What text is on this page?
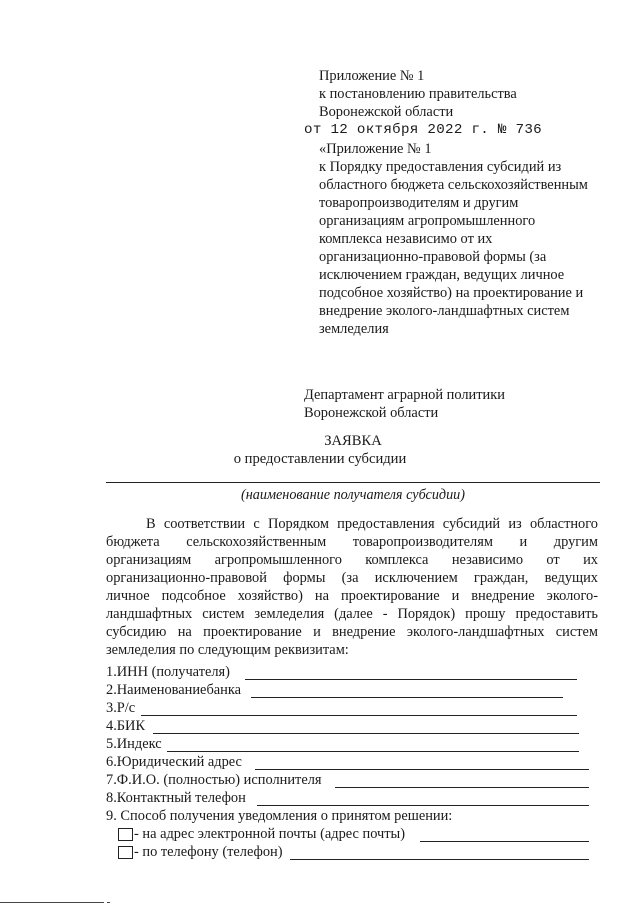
Приложение № 1
к постановлению правительства
Воронежской области
от 12 октября 2022 г. № 736
«Приложение № 1
к Порядку предоставления субсидий из
областного бюджета сельскохозяйственным
товаропроизводителям и другим
организациям агропромышленного
комплекса независимо от их
организационно-правовой формы (за
исключением граждан, ведущих личное
подсобное хозяйство) на проектирование и
внедрение эколого-ландшафтных систем
земледелия
Департамент аграрной политики
Воронежской области
ЗАЯВКА
о предоставлении субсидии
(наименование получателя субсидии)
В соответствии с Порядком предоставления субсидий из областного
бюджета сельскохозяйственным товаропроизводителям и другим
организациям агропромышленного комплекса независимо от их
организационно-правовой формы (за исключением граждан, ведущих
личное подсобное хозяйство) на проектирование и внедрение эколого-
ландшафтных систем земледелия (далее - Порядок) прошу предоставить
субсидию на проектирование и внедрение эколого-ландшафтных систем
земледелия по следующим реквизитам:
1.ИНН (получателя)
2.Наименованиебанка
3.Р/с
4.БИК
5.Индекс
6.Юридический адрес
7.Ф.И.О. (полностью) исполнителя
8.Контактный телефон
9. Способ получения уведомления о принятом решении:
- на адрес электронной почты (адрес почты)
- по телефону (телефон)
